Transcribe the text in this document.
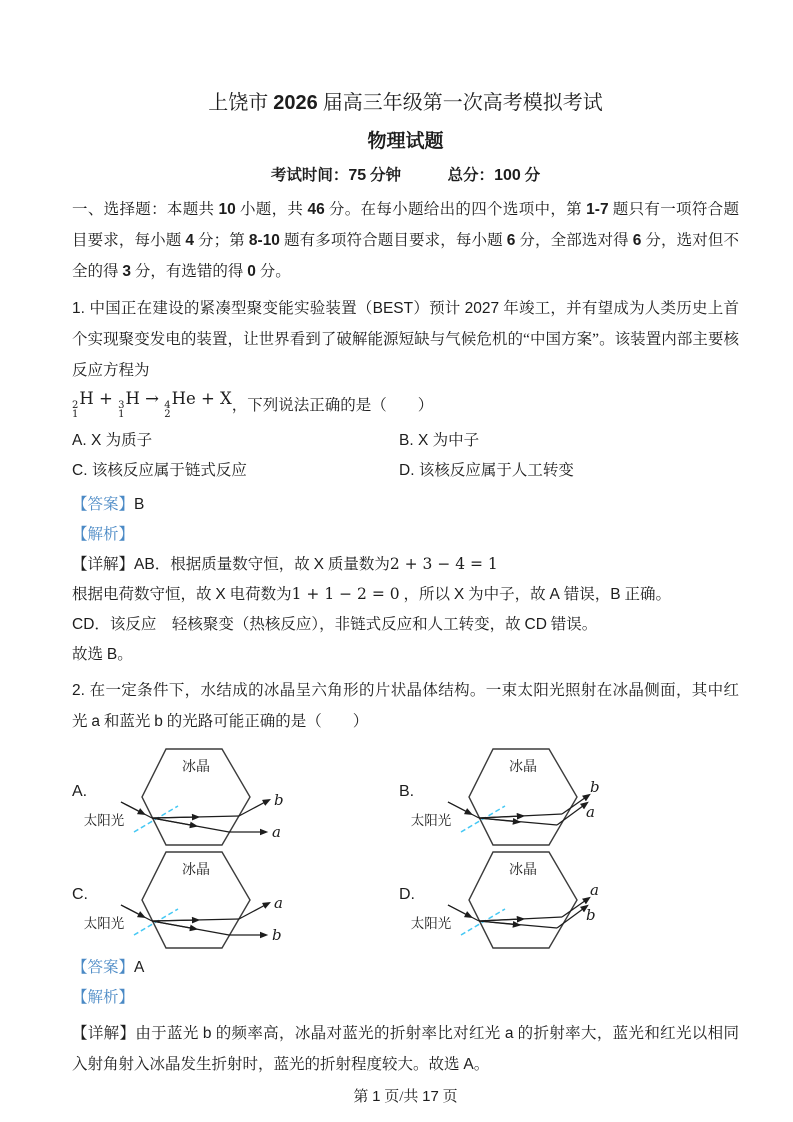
上饶市 2026 届高三年级第一次高考模拟考试
物理试题

考试时间：75 分钟　　　	总分：100 分

一、选择题：本题共 10 小题，共 46 分。在每小题给出的四个选项中，第 1-7 题只有一项符合题目要求，每小题 4 分；第 8-10 题有多项符合题目要求，每小题 6 分，全部选对得 6 分，选对但不全的得 3 分，有选错的得 0 分。

1. 中国正在建设的紧凑型聚变能实验装置（BEST）预计 2027 年竣工，并有望成为人类历史上首个实现聚变发电的装置，让世界看到了破解能源短缺与气候危机的“中国方案”。该装置内部主要核反应方程为

2
1
H + 3
1
H → 4
2
He + X ，下列说法正确的是（　　）
A. X 为质子	B. X 为中子
C. 该核反应属于链式反应	D. 该核反应属于人工转变

【答案】B

【解析】

【详解】AB．根据质量数守恒，故 X 质量数为2 + 3 − 4 = 1

根据电荷数守恒，故 X 电荷数为1 + 1 − 2 = 0 ，所以 X 为中子，故 A 错误，B 正确。

CD．该反应　轻核聚变（热核反应），非链式反应和人工转变，故 CD 错误。

故选 B。

2. 在一定条件下，水结成的冰晶呈六角形的片状晶体结构。一束太阳光照射在冰晶侧面，其中红光 a 和蓝光 b 的光路可能正确的是（　　）

A.
冰晶
太阳光
b
a
B.
冰晶
太阳光
b
a
C.
冰晶
太阳光
a
b
D.
冰晶
太阳光
a
b

【答案】A

【解析】

【详解】由于蓝光 b 的频率高，冰晶对蓝光的折射率比对红光 a 的折射率大，蓝光和红光以相同入射角射入冰晶发生折射时，蓝光的折射程度较大。故选 A。

第 1 页/共 17 页
